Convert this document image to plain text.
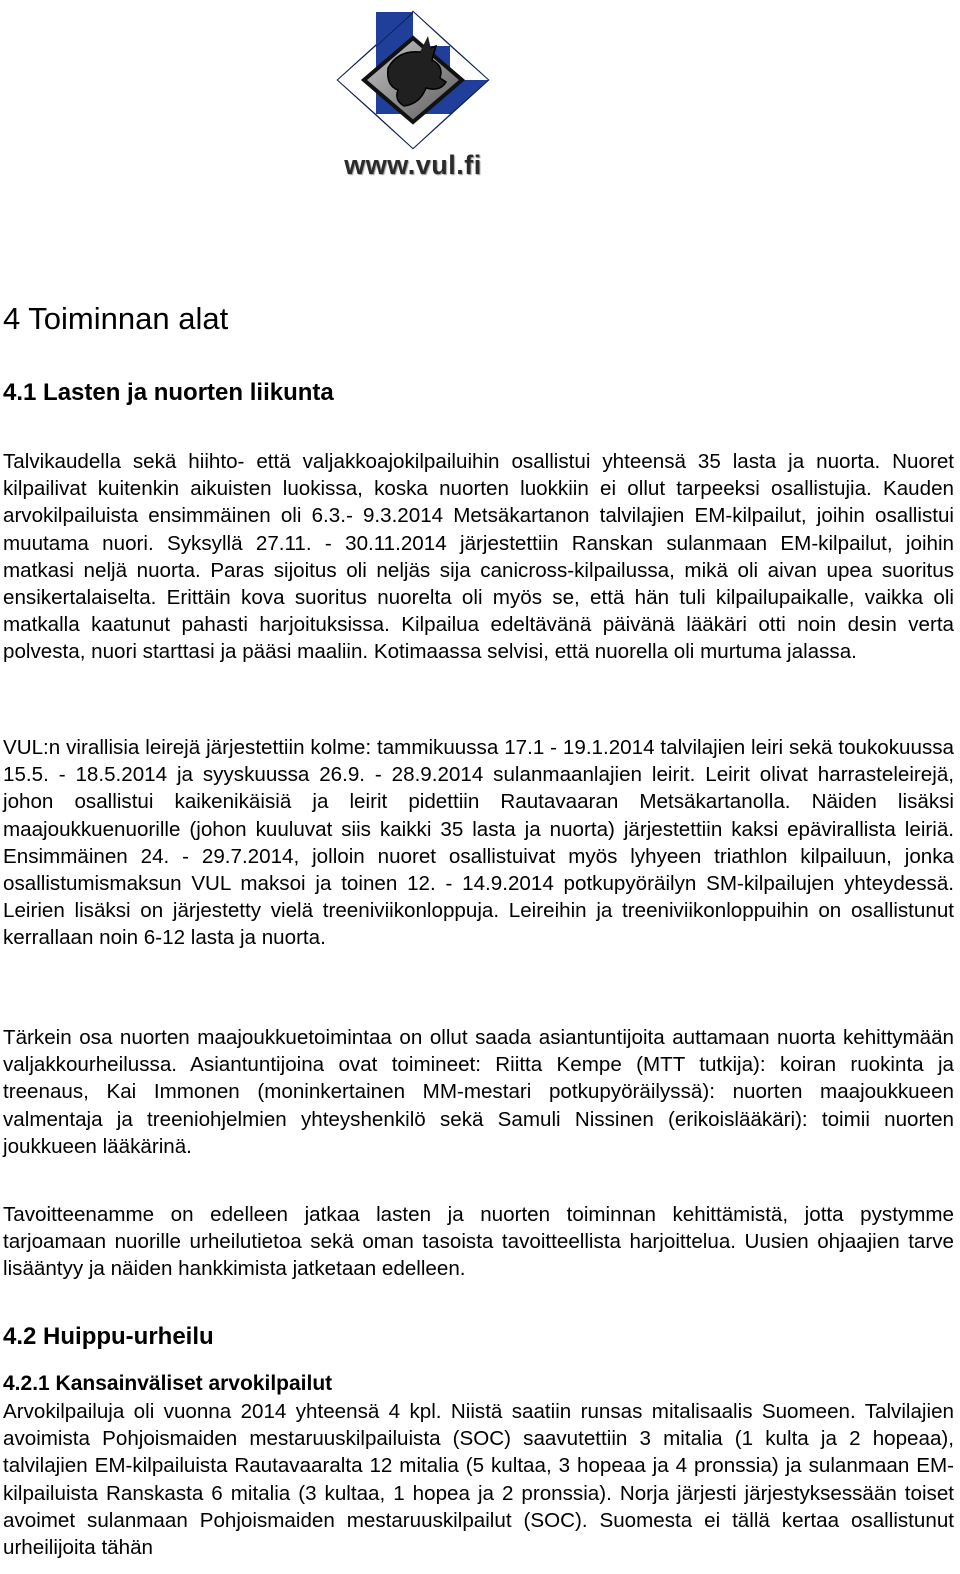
www.vul.fi
4 Toiminnan alat
4.1 Lasten ja nuorten liikunta

Talvikaudella sekä hiihto- että valjakkoajokilpailuihin osallistui yhteensä 35 lasta ja nuorta. Nuoret kilpailivat kuitenkin aikuisten luokissa, koska nuorten luokkiin ei ollut tarpeeksi osallistujia. Kauden arvokilpailuista ensimmäinen oli 6.3.- 9.3.2014 Metsäkartanon talvilajien EM-kilpailut, joihin osallistui muutama nuori. Syksyllä 27.11. - 30.11.2014 järjestettiin Ranskan sulanmaan EM-kilpailut, joihin matkasi neljä nuorta. Paras sijoitus oli neljäs sija canicross-kilpailussa, mikä oli aivan upea suoritus ensikertalaiselta. Erittäin kova suoritus nuorelta oli myös se, että hän tuli kilpailupaikalle, vaikka oli matkalla kaatunut pahasti harjoituksissa. Kilpailua edeltävänä päivänä lääkäri otti noin desin verta polvesta, nuori starttasi ja pääsi maaliin. Kotimaassa selvisi, että nuorella oli murtuma jalassa.

VUL:n virallisia leirejä järjestettiin kolme: tammikuussa 17.1 - 19.1.2014 talvilajien leiri sekä toukokuussa 15.5. - 18.5.2014 ja syyskuussa 26.9. - 28.9.2014 sulanmaanlajien leirit. Leirit olivat harrasteleirejä, johon osallistui kaikenikäisiä ja leirit pidettiin Rautavaaran Metsäkartanolla. Näiden lisäksi maajoukkuenuorille (johon kuuluvat siis kaikki 35 lasta ja nuorta) järjestettiin kaksi epävirallista leiriä. Ensimmäinen 24. - 29.7.2014, jolloin nuoret osallistuivat myös lyhyeen triathlon kilpailuun, jonka osallistumismaksun VUL maksoi ja toinen 12. - 14.9.2014 potkupyöräilyn SM-kilpailujen yhteydessä. Leirien lisäksi on järjestetty vielä treeniviikonloppuja. Leireihin ja treeniviikonloppuihin on osallistunut kerrallaan noin 6-12 lasta ja nuorta.

Tärkein osa nuorten maajoukkuetoimintaa on ollut saada asiantuntijoita auttamaan nuorta kehittymään valjakkourheilussa. Asiantuntijoina ovat toimineet: Riitta Kempe (MTT tutkija): koiran ruokinta ja treenaus, Kai Immonen (moninkertainen MM-mestari potkupyöräilyssä): nuorten maajoukkueen valmentaja ja treeniohjelmien yhteyshenkilö sekä Samuli Nissinen (erikoislääkäri): toimii nuorten joukkueen lääkärinä.

Tavoitteenamme on edelleen jatkaa lasten ja nuorten toiminnan kehittämistä, jotta pystymme tarjoamaan nuorille urheilutietoa sekä oman tasoista tavoitteellista harjoittelua. Uusien ohjaajien tarve lisääntyy ja näiden hankkimista jatketaan edelleen.

4.2 Huippu-urheilu
4.2.1 Kansainväliset arvokilpailut

Arvokilpailuja oli vuonna 2014 yhteensä 4 kpl. Niistä saatiin runsas mitalisaalis Suomeen. Talvilajien avoimista Pohjoismaiden mestaruuskilpailuista (SOC) saavutettiin 3 mitalia (1 kulta ja 2 hopeaa), talvilajien EM-kilpailuista Rautavaaralta 12 mitalia (5 kultaa, 3 hopeaa ja 4 pronssia) ja sulanmaan EM-kilpailuista Ranskasta 6 mitalia (3 kultaa, 1 hopea ja 2 pronssia). Norja järjesti järjestyksessään toiset avoimet sulanmaan Pohjoismaiden mestaruuskilpailut (SOC). Suomesta ei tällä kertaa osallistunut urheilijoita tähän
